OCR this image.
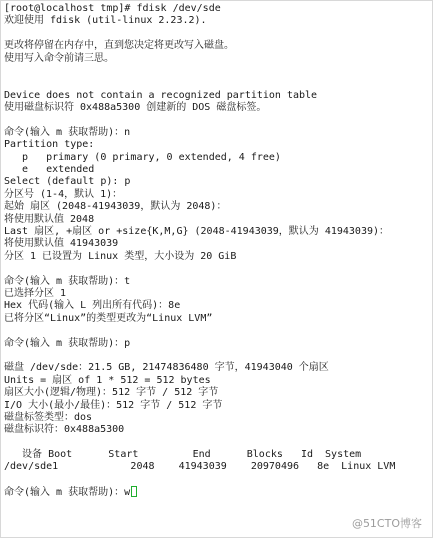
[root@localhost tmp]# fdisk /dev/sde
欢迎使用 fdisk (util-linux 2.23.2).
更改将停留在内存中，直到您决定将更改写入磁盘。
使用写入命令前请三思。
Device does not contain a recognized partition table
使用磁盘标识符 0x488a5300 创建新的 DOS 磁盘标签。
命令(输入 m 获取帮助)：n
Partition type:
p   primary (0 primary, 0 extended, 4 free)
e   extended
Select (default p): p
分区号 (1-4，默认 1)：
起始 扇区 (2048-41943039，默认为 2048)：
将使用默认值 2048
Last 扇区, +扇区 or +size{K,M,G} (2048-41943039，默认为 41943039)：
将使用默认值 41943039
分区 1 已设置为 Linux 类型，大小设为 20 GiB
命令(输入 m 获取帮助)：t
已选择分区 1
Hex 代码(输入 L 列出所有代码)：8e
已将分区“Linux”的类型更改为“Linux LVM”
命令(输入 m 获取帮助)：p
磁盘 /dev/sde：21.5 GB, 21474836480 字节，41943040 个扇区
Units = 扇区 of 1 * 512 = 512 bytes
扇区大小(逻辑/物理)：512 字节 / 512 字节
I/O 大小(最小/最佳)：512 字节 / 512 字节
磁盘标签类型：dos
磁盘标识符：0x488a5300
设备 Boot      Start         End      Blocks   Id  System
/dev/sde1            2048    41943039    20970496   8e  Linux LVM
命令(输入 m 获取帮助)：w
@51CTO博客
